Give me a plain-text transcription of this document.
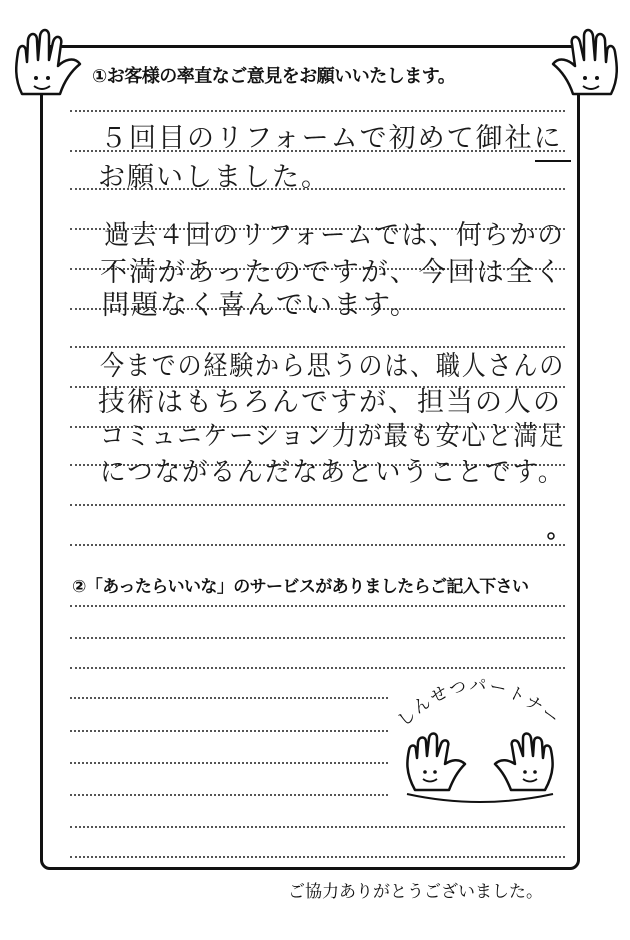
①お客様の率直なご意見をお願いいたします。
５回目のリフォームで初めて御社に
お願いしました。
過去４回のリフォームでは、何らかの
不満があったのですが、今回は全く
問題なく喜んでいます。
今までの経験から思うのは、職人さんの
技術はもちろんですが、担当の人の
コミュニケーション力が最も安心と満足
につながるんだなあということです。
②「あったらいいな」のサービスがありましたらご記入下さい
しんせつパートナー
ご協力ありがとうございました。
